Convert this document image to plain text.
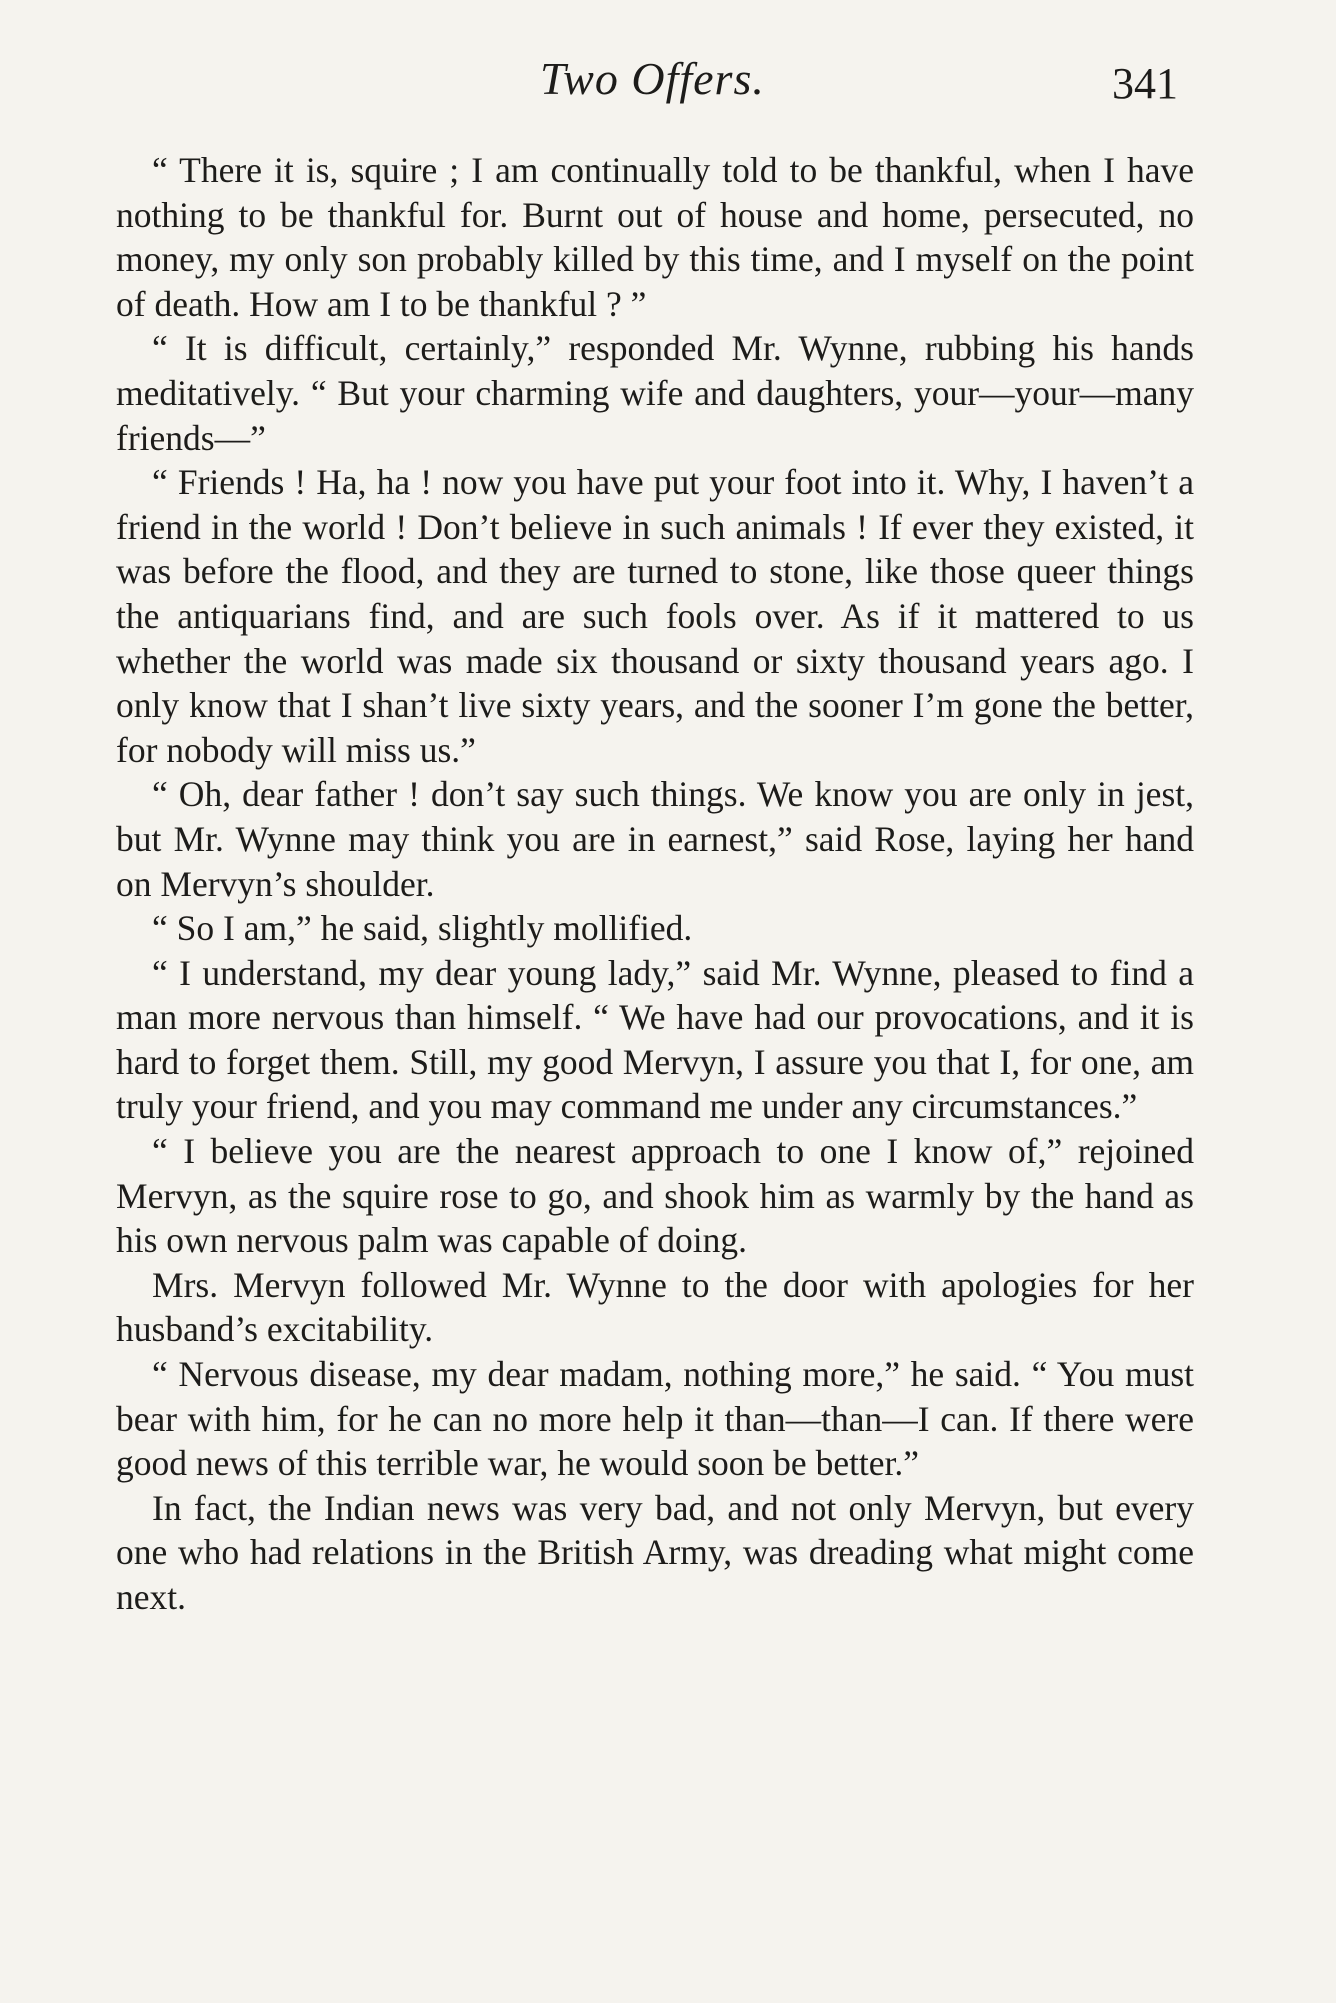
Two Offers.	341

“ There it is, squire ; I am continually told to be thankful, when I have nothing to be thankful for. Burnt out of house and home, persecuted, no money, my only son probably killed by this time, and I myself on the point of death. How am I to be thankful ? ”

“ It is difficult, certainly,” responded Mr. Wynne, rubbing his hands meditatively. “ But your charming wife and daughters, your—your—many friends—”

“ Friends ! Ha, ha ! now you have put your foot into it. Why, I haven’t a friend in the world ! Don’t believe in such animals ! If ever they existed, it was before the flood, and they are turned to stone, like those queer things the antiquarians find, and are such fools over. As if it mattered to us whether the world was made six thousand or sixty thousand years ago. I only know that I shan’t live sixty years, and the sooner I’m gone the better, for nobody will miss us.”

“ Oh, dear father ! don’t say such things. We know you are only in jest, but Mr. Wynne may think you are in earnest,” said Rose, laying her hand on Mervyn’s shoulder.

“ So I am,” he said, slightly mollified.

“ I understand, my dear young lady,” said Mr. Wynne, pleased to find a man more nervous than himself. “ We have had our provocations, and it is hard to forget them. Still, my good Mervyn, I assure you that I, for one, am truly your friend, and you may command me under any circumstances.”

“ I believe you are the nearest approach to one I know of,” rejoined Mervyn, as the squire rose to go, and shook him as warmly by the hand as his own nervous palm was capable of doing.

Mrs. Mervyn followed Mr. Wynne to the door with apologies for her husband’s excitability.

“ Nervous disease, my dear madam, nothing more,” he said. “ You must bear with him, for he can no more help it than—than—I can. If there were good news of this terrible war, he would soon be better.”

In fact, the Indian news was very bad, and not only Mervyn, but every one who had relations in the British Army, was dreading what might come next.
